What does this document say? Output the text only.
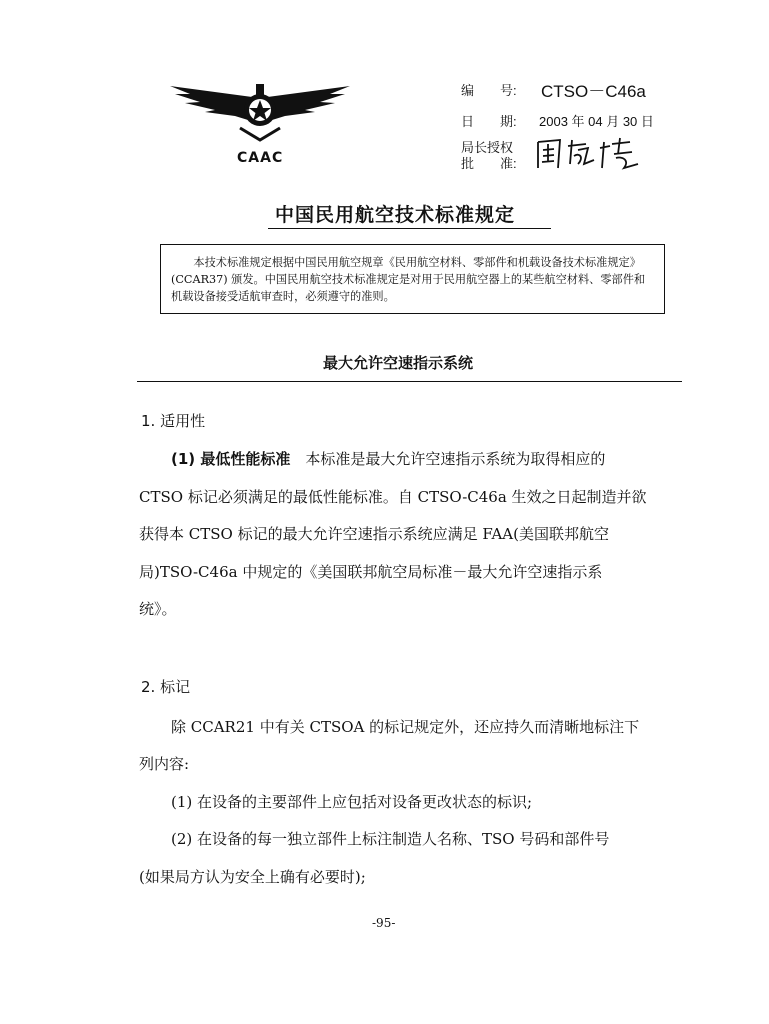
CAAC
编　　号: CTSO－C46a
日　　期: 2003 年 04 月 30 日
局长授权
批　　准:
中国民用航空技术标准规定

本技术标准规定根据中国民用航空规章《民用航空材料、零部件和机载设备技术标准规定》(CCAR37) 颁发。中国民用航空技术标准规定是对用于民用航空器上的某些航空材料、零部件和机载设备接受适航审查时，必须遵守的准则。

最大允许空速指示系统
1. 适用性
(1) 最低性能标准　本标准是最大允许空速指示系统为取得相应的
CTSO 标记必须满足的最低性能标准。自 CTSO-C46a 生效之日起制造并欲
获得本 CTSO 标记的最大允许空速指示系统应满足 FAA(美国联邦航空
局)TSO-C46a 中规定的《美国联邦航空局标准－最大允许空速指示系
统》。
2. 标记
除 CCAR21 中有关 CTSOA 的标记规定外，还应持久而清晰地标注下
列内容:
(1) 在设备的主要部件上应包括对设备更改状态的标识;
(2) 在设备的每一独立部件上标注制造人名称、TSO 号码和部件号
(如果局方认为安全上确有必要时);
-95-
